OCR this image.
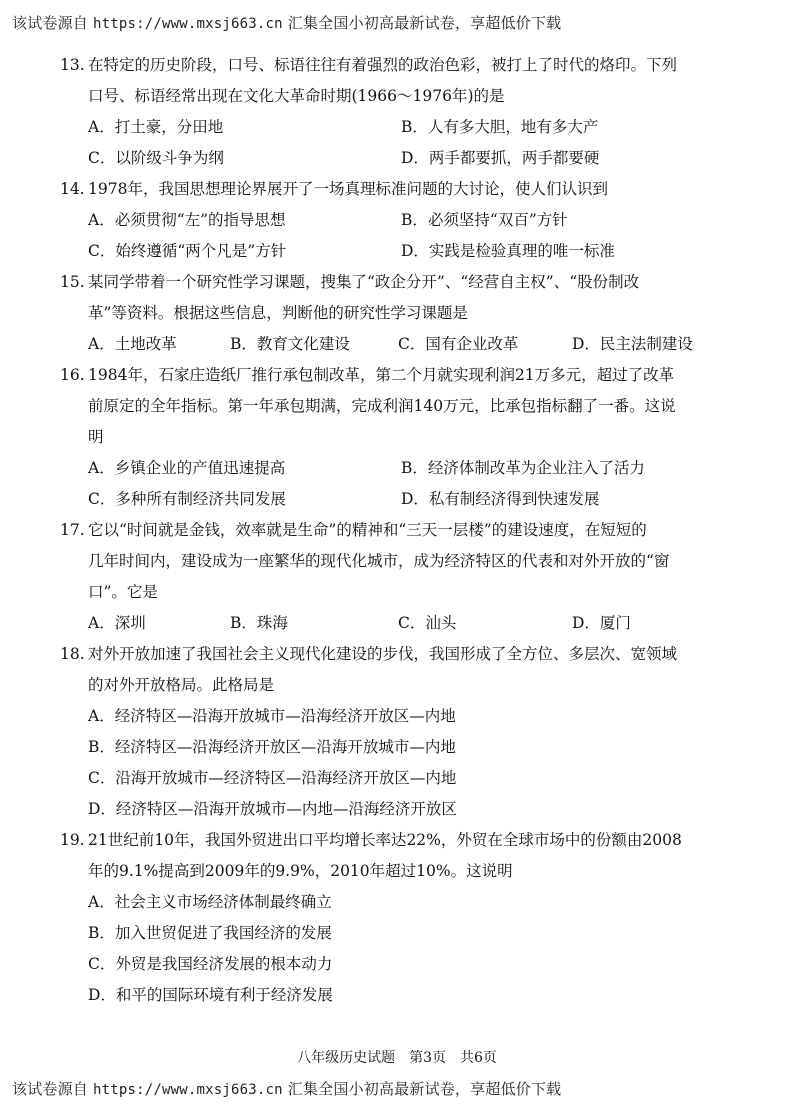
该试卷源自 https://www.mxsj663.cn 汇集全国小初高最新试卷，享超低价下载
13. 在特定的历史阶段，口号、标语往往有着强烈的政治色彩，被打上了时代的烙印。下列
口号、标语经常出现在文化大革命时期(1966～1976年)的是
A．打土豪，分田地	B．人有多大胆，地有多大产
C．以阶级斗争为纲	D．两手都要抓，两手都要硬
14. 1978年，我国思想理论界展开了一场真理标准问题的大讨论，使人们认识到
A．必须贯彻“左”的指导思想	B．必须坚持“双百”方针
C．始终遵循“两个凡是”方针	D．实践是检验真理的唯一标准
15. 某同学带着一个研究性学习课题，搜集了“政企分开”、“经营自主权”、“股份制改
革”等资料。根据这些信息，判断他的研究性学习课题是
A．土地改革	B．教育文化建设	C．国有企业改革	D．民主法制建设
16. 1984年，石家庄造纸厂推行承包制改革，第二个月就实现利润21万多元，超过了改革
前原定的全年指标。第一年承包期满，完成利润140万元，比承包指标翻了一番。这说
明
A．乡镇企业的产值迅速提高	B．经济体制改革为企业注入了活力
C．多种所有制经济共同发展	D．私有制经济得到快速发展
17. 它以“时间就是金钱，效率就是生命”的精神和“三天一层楼”的建设速度，在短短的
几年时间内，建设成为一座繁华的现代化城市，成为经济特区的代表和对外开放的“窗
口”。它是
A．深圳	B．珠海	C．汕头	D．厦门
18. 对外开放加速了我国社会主义现代化建设的步伐，我国形成了全方位、多层次、宽领域
的对外开放格局。此格局是
A．经济特区—沿海开放城市—沿海经济开放区—内地
B．经济特区—沿海经济开放区—沿海开放城市—内地
C．沿海开放城市—经济特区—沿海经济开放区—内地
D．经济特区—沿海开放城市—内地—沿海经济开放区
19. 21世纪前10年，我国外贸进出口平均增长率达22%，外贸在全球市场中的份额由2008
年的9.1%提高到2009年的9.9%，2010年超过10%。这说明
A．社会主义市场经济体制最终确立
B．加入世贸促进了我国经济的发展
C．外贸是我国经济发展的根本动力
D．和平的国际环境有利于经济发展
八年级历史试题　第3页　共6页
该试卷源自 https://www.mxsj663.cn 汇集全国小初高最新试卷，享超低价下载
